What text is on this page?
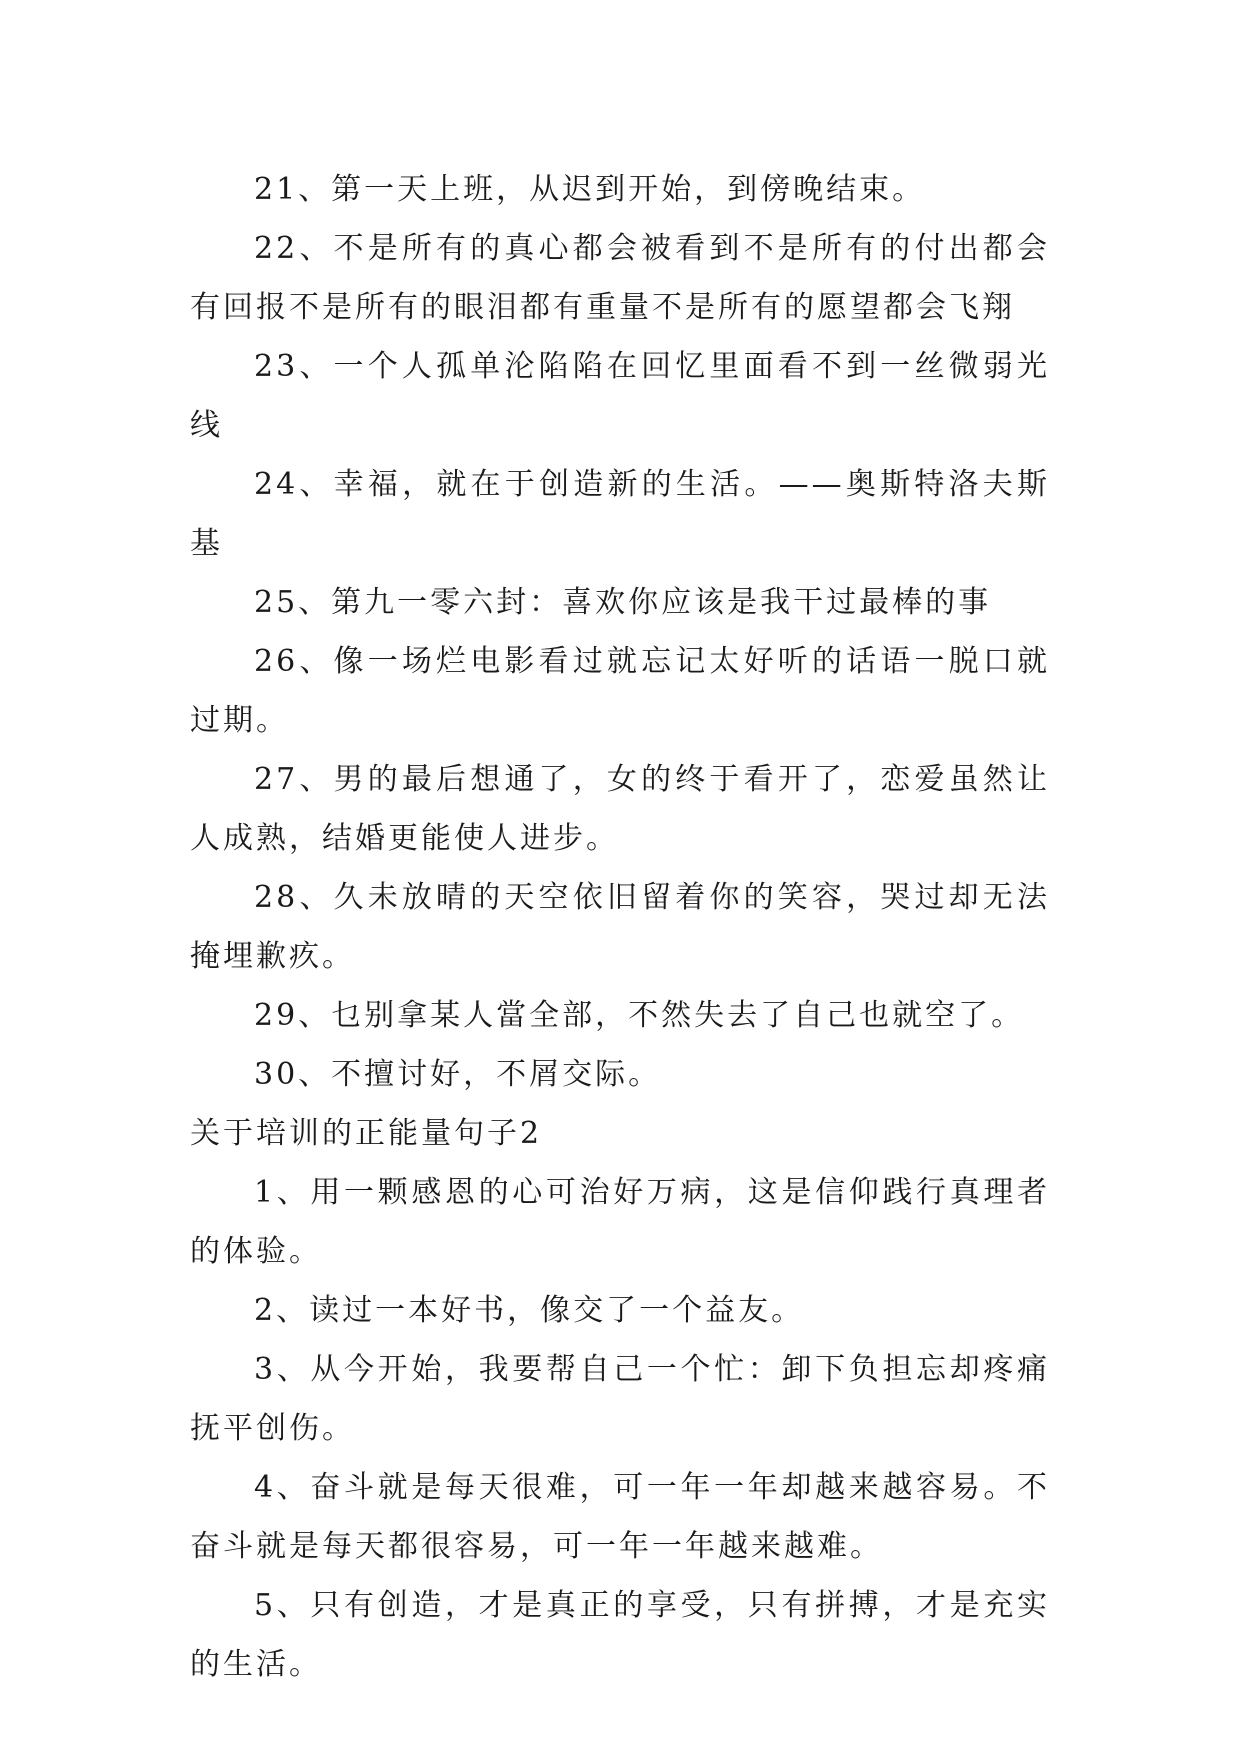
21、第一天上班，从迟到开始，到傍晚结束。

22、不是所有的真心都会被看到不是所有的付出都会有回报不是所有的眼泪都有重量不是所有的愿望都会飞翔

23、一个人孤单沦陷陷在回忆里面看不到一丝微弱光线

24、幸福，就在于创造新的生活。——奥斯特洛夫斯基

25、第九一零六封：喜欢你应该是我干过最棒的事

26、像一场烂电影看过就忘记太好听的话语一脱口就过期。

27、男的最后想通了，女的终于看开了，恋爱虽然让人成熟，结婚更能使人进步。

28、久未放晴的天空依旧留着你的笑容，哭过却无法掩埋歉疚。

29、乜别拿某人當全部，不然失去了自己也就空了。

30、不擅讨好，不屑交际。

关于培训的正能量句子2

1、用一颗感恩的心可治好万病，这是信仰践行真理者的体验。

2、读过一本好书，像交了一个益友。

3、从今开始，我要帮自己一个忙：卸下负担忘却疼痛抚平创伤。

4、奋斗就是每天很难，可一年一年却越来越容易。不奋斗就是每天都很容易，可一年一年越来越难。

5、只有创造，才是真正的享受，只有拼搏，才是充实的生活。
